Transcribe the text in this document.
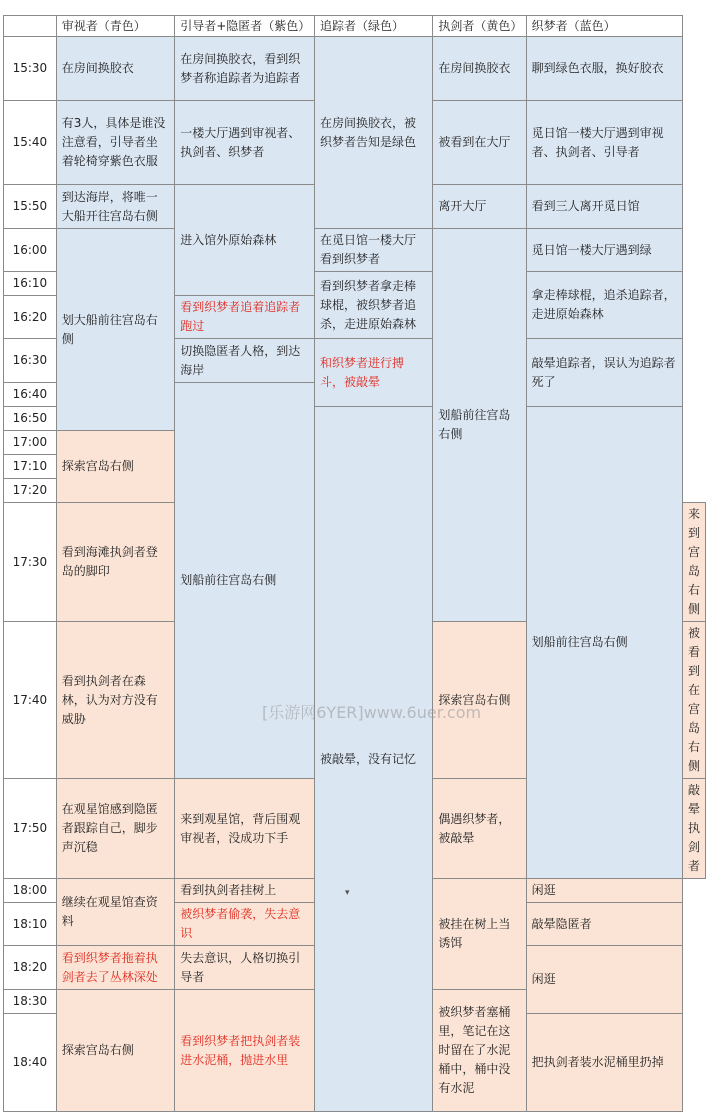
	审视者（青色）	引导者+隐匿者（紫色）	追踪者（绿色）	执剑者（黄色）	织梦者（蓝色）	
15:30	在房间换胶衣	在房间换胶衣，看到织梦者称追踪者为追踪者	在房间换胶衣，被织梦者告知是绿色	在房间换胶衣	聊到绿色衣服，换好胶衣	
15:40	有3人，具体是谁没注意看，引导者坐着轮椅穿紫色衣服	一楼大厅遇到审视者、执剑者、织梦者		被看到在大厅	觅日馆一楼大厅遇到审视者、执剑者、引导者	
15:50	到达海岸，将唯一大船开往宫岛右侧	进入馆外原始森林		离开大厅	看到三人离开觅日馆	
16:00	划大船前往宫岛右侧		在觅日馆一楼大厅看到织梦者	划船前往宫岛右侧	觅日馆一楼大厅遇到绿	
16:10			看到织梦者拿走棒球棍，被织梦者追杀，走进原始森林		拿走棒球棍，追杀追踪者，走进原始森林	
16:20		看到织梦者追着追踪者跑过				
16:30		切换隐匿者人格，到达海岸	和织梦者进行搏斗，被敲晕		敲晕追踪者，误认为追踪者死了	
16:40		划船前往宫岛右侧				
16:50			被敲晕，没有记忆		划船前往宫岛右侧	
17:00	探索宫岛右侧					
17:10						
17:20						
17:30	看到海滩执剑者登岛的脚印					来到宫岛右侧
17:40	看到执剑者在森林，认为对方没有威胁			探索宫岛右侧		被看到在宫岛右侧
17:50	在观星馆感到隐匿者跟踪自己，脚步声沉稳	来到观星馆，背后围观审视者，没成功下手		偶遇织梦者，被敲晕		敲晕执剑者
18:00	继续在观星馆查资料	看到执剑者挂树上		被挂在树上当诱饵	闲逛	
18:10		被织梦者偷袭，失去意识			敲晕隐匿者	
18:20	看到织梦者拖着执剑者去了丛林深处	失去意识，人格切换引导者			闲逛	
18:30	探索宫岛右侧	看到织梦者把执剑者装进水泥桶，抛进水里		被织梦者塞桶里，笔记在这时留在了水泥桶中，桶中没有水泥		
18:40					把执剑者装水泥桶里扔掉	
[乐游网6YER]www.6uer.com
▾
